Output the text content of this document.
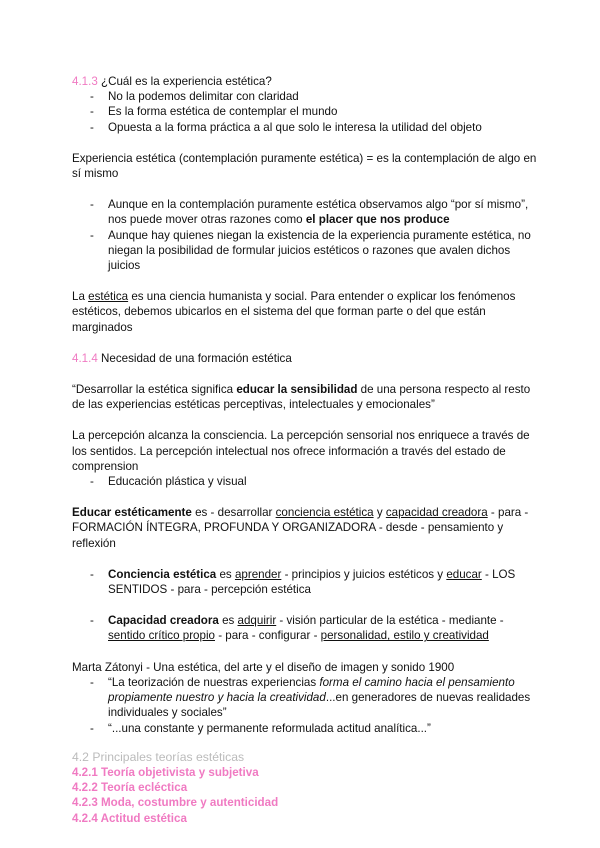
4.1.3 ¿Cuál es la experiencia estética?

- No la podemos delimitar con claridad
- Es la forma estética de contemplar el mundo
- Opuesta a la forma práctica a al que solo le interesa la utilidad del objeto

Experiencia estética (contemplación puramente estética) = es la contemplación de algo en sí mismo

- Aunque en la contemplación puramente estética observamos algo “por sí mismo”, nos puede mover otras razones como el placer que nos produce
- Aunque hay quienes niegan la existencia de la experiencia puramente estética, no niegan la posibilidad de formular juicios estéticos o razones que avalen dichos juicios

La estética es una ciencia humanista y social. Para entender o explicar los fenómenos estéticos, debemos ubicarlos en el sistema del que forman parte o del que están marginados

4.1.4 Necesidad de una formación estética

“Desarrollar la estética significa educar la sensibilidad de una persona respecto al resto de las experiencias estéticas perceptivas, intelectuales y emocionales”

La percepción alcanza la consciencia. La percepción sensorial nos enriquece a través de los sentidos. La percepción intelectual nos ofrece información a través del estado de comprension

- Educación plástica y visual

Educar estéticamente es - desarrollar conciencia estética y capacidad creadora - para - FORMACIÓN ÍNTEGRA, PROFUNDA Y ORGANIZADORA - desde - pensamiento y reflexión

- Conciencia estética es aprender - principios y juicios estéticos y educar - LOS SENTIDOS - para - percepción estética
- Capacidad creadora es adquirir - visión particular de la estética - mediante - sentido crítico propio - para - configurar - personalidad, estilo y creatividad

Marta Zátonyi - Una estética, del arte y el diseño de imagen y sonido 1900

- “La teorización de nuestras experiencias forma el camino hacia el pensamiento propiamente nuestro y hacia la creatividad...en generadores de nuevas realidades individuales y sociales”
- “...una constante y permanente reformulada actitud analítica...”

4.2 Principales teorías estéticas

4.2.1 Teoría objetivista y subjetiva

4.2.2 Teoría ecléctica

4.2.3 Moda, costumbre y autenticidad

4.2.4 Actitud estética
